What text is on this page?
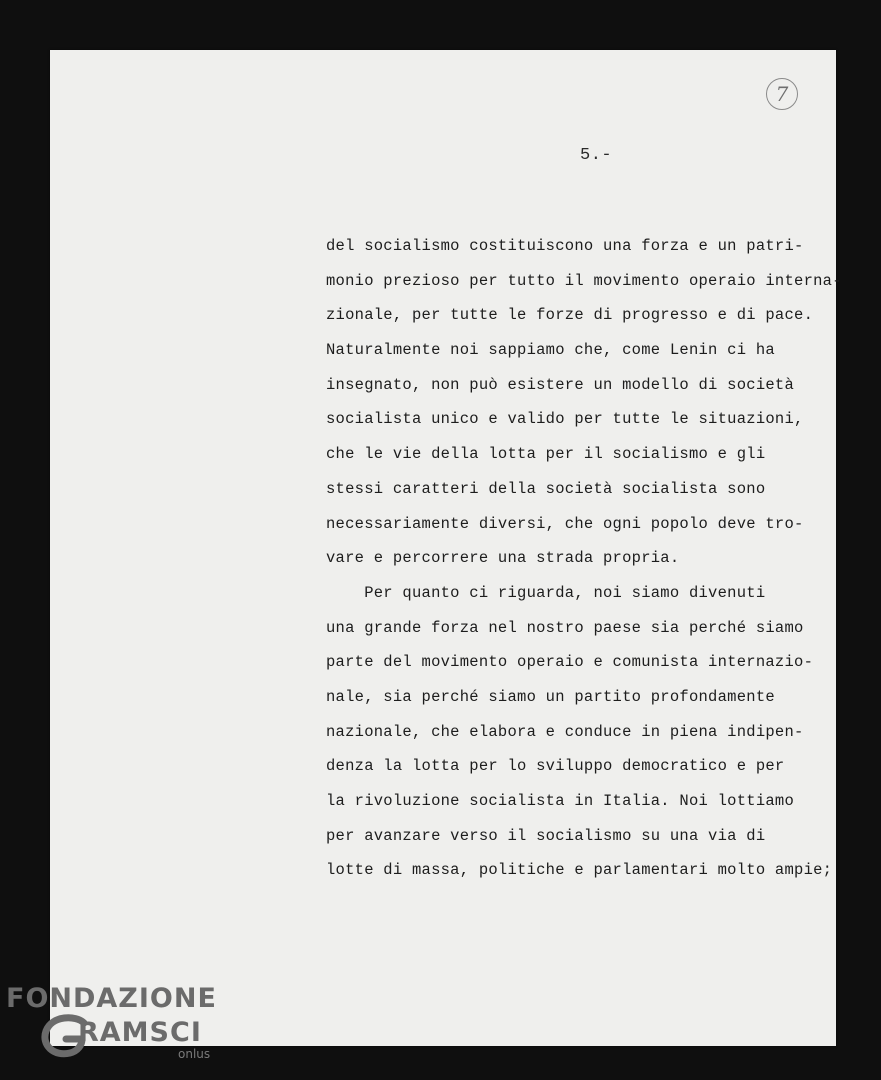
7
5.-
del socialismo costituiscono una forza e un patri-
monio prezioso per tutto il movimento operaio interna-
zionale, per tutte le forze di progresso e di pace.
Naturalmente noi sappiamo che, come Lenin ci ha
insegnato, non può esistere un modello di società
socialista unico e valido per tutte le situazioni,
che le vie della lotta per il socialismo e gli
stessi caratteri della società socialista sono
necessariamente diversi, che ogni popolo deve tro-
vare e percorrere una strada propria.
Per quanto ci riguarda, noi siamo divenuti
una grande forza nel nostro paese sia perché siamo
parte del movimento operaio e comunista internazio-
nale, sia perché siamo un partito profondamente
nazionale, che elabora e conduce in piena indipen-
denza la lotta per lo sviluppo democratico e per
la rivoluzione socialista in Italia. Noi lottiamo
per avanzare verso il socialismo su una via di
lotte di massa, politiche e parlamentari molto ampie;
FONDAZIONE
RAMSCI
onlus
